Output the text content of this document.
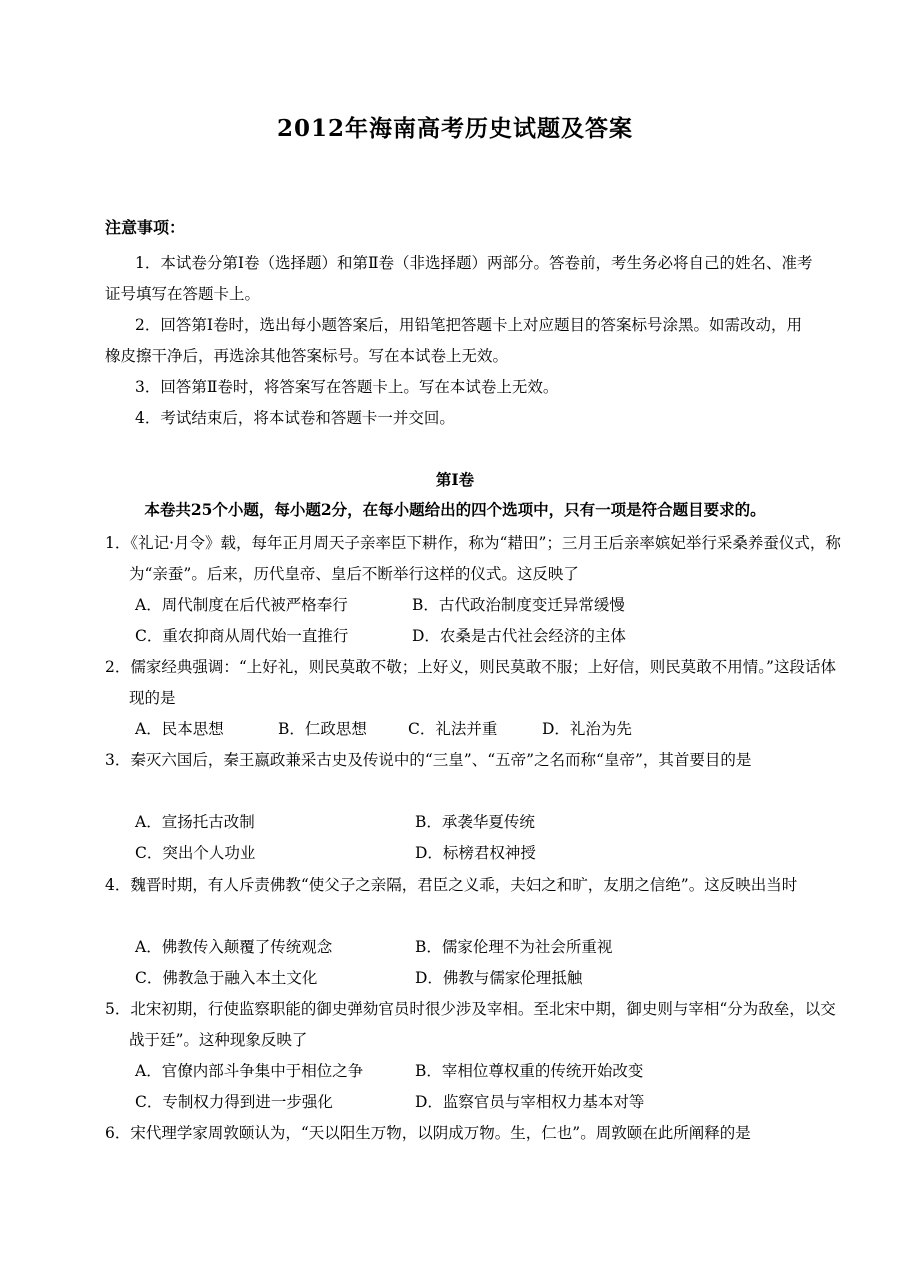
2012年海南高考历史试题及答案
注意事项：

1．本试卷分第Ⅰ卷（选择题）和第Ⅱ卷（非选择题）两部分。答卷前，考生务必将自己的姓名、准考证号填写在答题卡上。

2．回答第Ⅰ卷时，选出每小题答案后，用铅笔把答题卡上对应题目的答案标号涂黑。如需改动，用橡皮擦干净后，再选涂其他答案标号。写在本试卷上无效。

3．回答第Ⅱ卷时，将答案写在答题卡上。写在本试卷上无效。

4．考试结束后，将本试卷和答题卡一并交回。

第Ⅰ卷
本卷共25个小题，每小题2分，在每小题给出的四个选项中，只有一项是符合题目要求的。

1．《礼记·月令》载，每年正月周天子亲率臣下耕作，称为“耤田”；三月王后亲率嫔妃举行采桑养蚕仪式，称为“亲蚕”。后来，历代皇帝、皇后不断举行这样的仪式。这反映了

A．周代制度在后代被严格奉行	B．古代政治制度变迁异常缓慢
C．重农抑商从周代始一直推行	D．农桑是古代社会经济的主体

2．儒家经典强调：“上好礼，则民莫敢不敬；上好义，则民莫敢不服；上好信，则民莫敢不用情。”这段话体现的是

A．民本思想	B．仁政思想	C．礼法并重	D．礼治为先

3．秦灭六国后，秦王嬴政兼采古史及传说中的“三皇”、“五帝”之名而称“皇帝”，其首要目的是

A．宣扬托古改制	B．承袭华夏传统
C．突出个人功业	D．标榜君权神授

4．魏晋时期，有人斥责佛教“使父子之亲隔，君臣之义乖，夫妇之和旷，友朋之信绝”。这反映出当时

A．佛教传入颠覆了传统观念	B．儒家伦理不为社会所重视
C．佛教急于融入本土文化	D．佛教与儒家伦理抵触

5．北宋初期，行使监察职能的御史弹劾官员时很少涉及宰相。至北宋中期，御史则与宰相“分为敌垒，以交战于廷”。这种现象反映了

A．官僚内部斗争集中于相位之争	B．宰相位尊权重的传统开始改变
C．专制权力得到进一步强化	D．监察官员与宰相权力基本对等

6．宋代理学家周敦颐认为，“天以阳生万物，以阴成万物。生，仁也”。周敦颐在此所阐释的是
